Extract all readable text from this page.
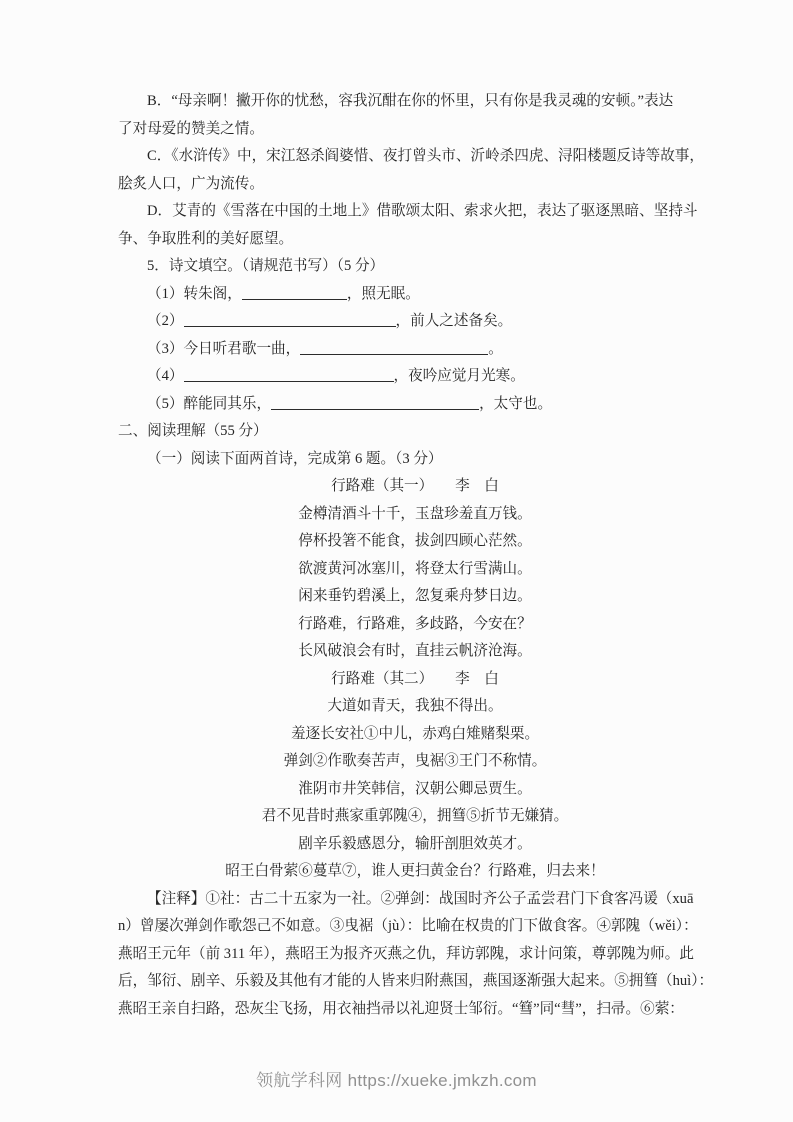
B．“母亲啊！撇开你的忧愁，容我沉酣在你的怀里，只有你是我灵魂的安顿。”表达
了对母爱的赞美之情。
C．《水浒传》中，宋江怒杀阎婆惜、夜打曾头市、沂岭杀四虎、浔阳楼题反诗等故事，
脍炙人口，广为流传。
D．艾青的《雪落在中国的土地上》借歌颂太阳、索求火把，表达了驱逐黑暗、坚持斗
争、争取胜利的美好愿望。
5．诗文填空。（请规范书写）（5 分）
（1）转朱阁，	，照无眠。
（2）	，前人之述备矣。
（3）今日听君歌一曲，	。
（4）	，夜吟应觉月光寒。
（5）醉能同其乐，	，太守也。
二、阅读理解（55 分）
（一）阅读下面两首诗，完成第 6 题。（3 分）
行路难（其一）　　李　白
金樽清酒斗十千，玉盘珍羞直万钱。
停杯投箸不能食，拔剑四顾心茫然。
欲渡黄河冰塞川，将登太行雪满山。
闲来垂钓碧溪上，忽复乘舟梦日边。
行路难，行路难，多歧路，今安在？
长风破浪会有时，直挂云帆济沧海。
行路难（其二）　　李　白
大道如青天，我独不得出。
羞逐长安社①中儿，赤鸡白雉赌梨栗。
弹剑②作歌奏苦声，曳裾③王门不称情。
淮阴市井笑韩信，汉朝公卿忌贾生。
君不见昔时燕家重郭隗④，拥篲⑤折节无嫌猜。
剧辛乐毅感恩分，输肝剖胆效英才。
昭王白骨萦⑥蔓草⑦，谁人更扫黄金台？行路难，归去来！
【注释】①社：古二十五家为一社。②弹剑：战国时齐公子孟尝君门下食客冯谖（xuā
n）曾屡次弹剑作歌怨己不如意。③曳裾（jù）：比喻在权贵的门下做食客。④郭隗（wěi）：
燕昭王元年（前 311 年），燕昭王为报齐灭燕之仇，拜访郭隗，求计问策，尊郭隗为师。此
后，邹衍、剧辛、乐毅及其他有才能的人皆来归附燕国，燕国逐渐强大起来。⑤拥篲（huì）：
燕昭王亲自扫路，恐灰尘飞扬，用衣袖挡帚以礼迎贤士邹衍。“篲”同“彗”，扫帚。⑥萦：
领航学科网 https://xueke.jmkzh.com
